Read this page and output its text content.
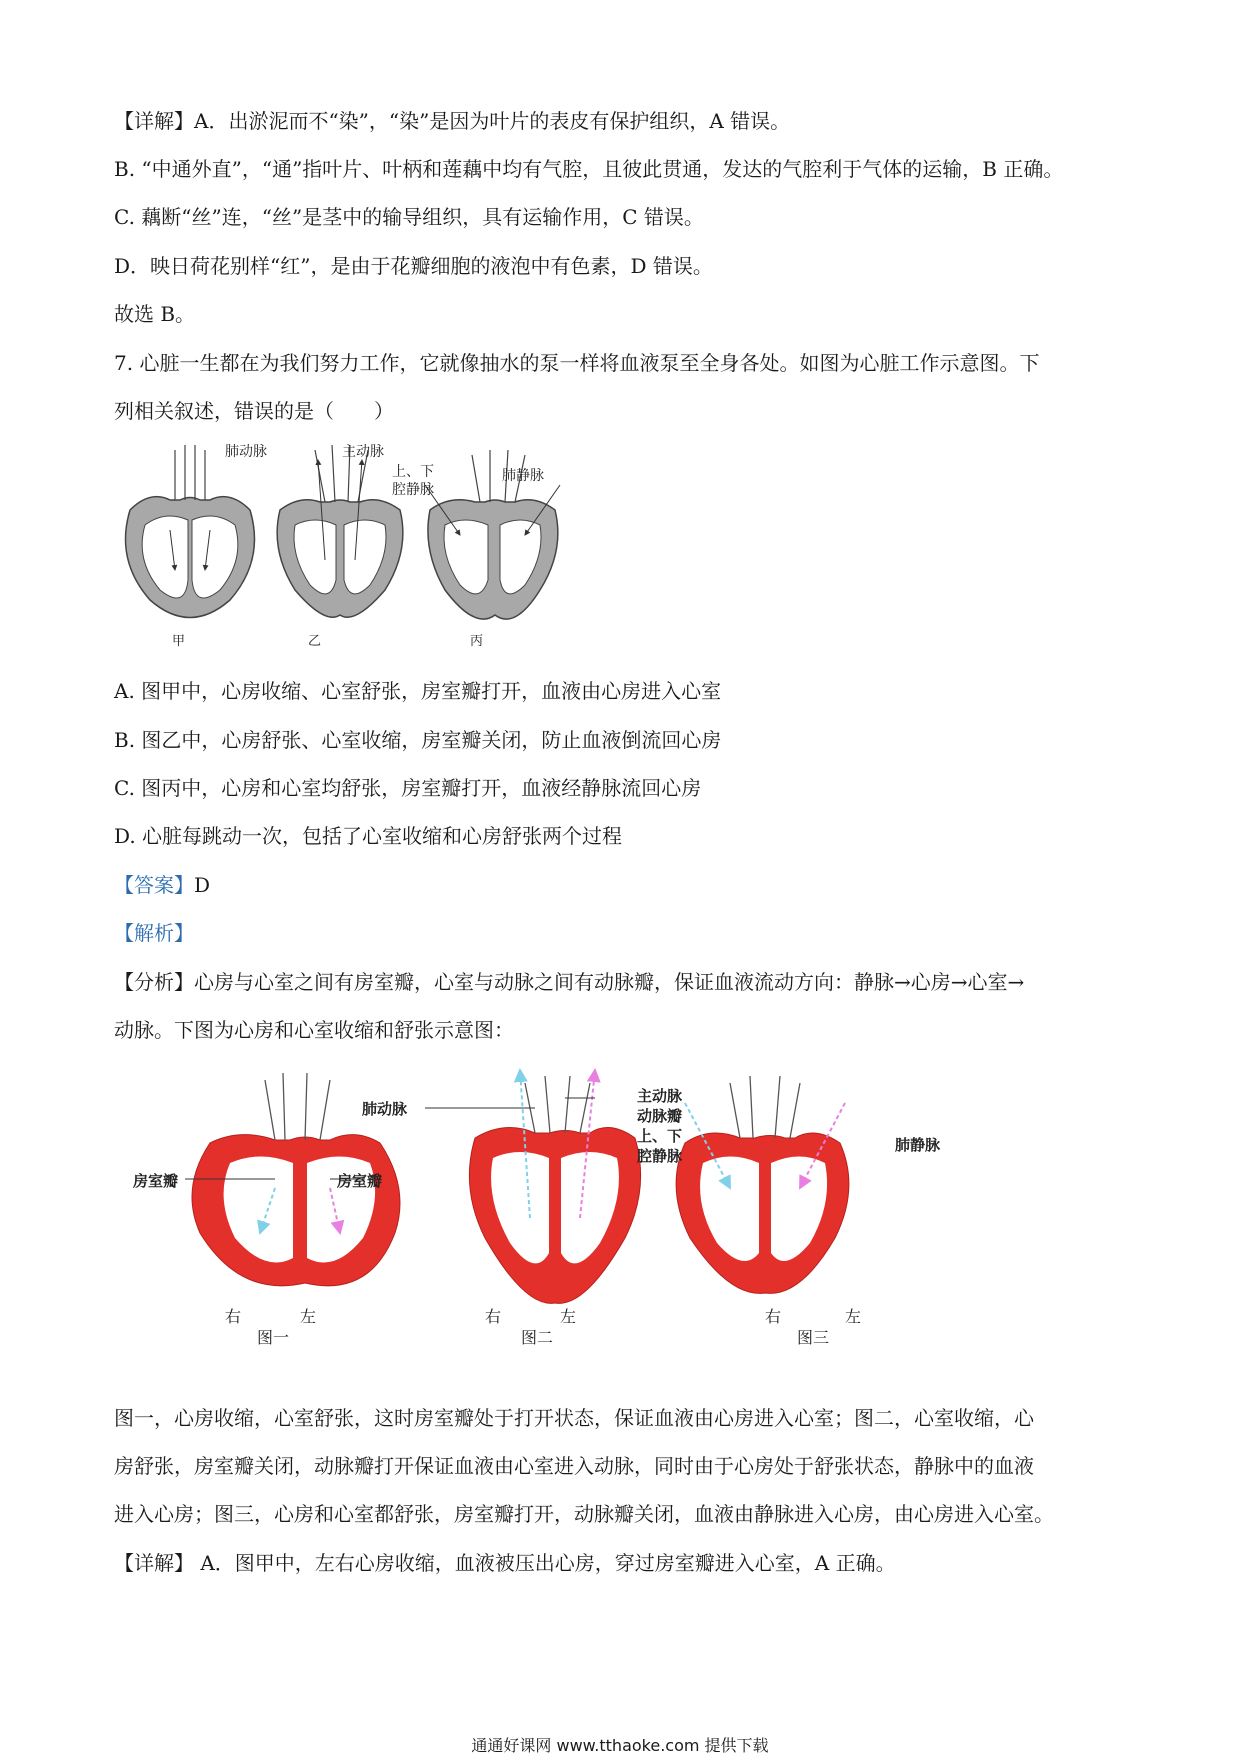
【详解】A．出淤泥而不“染”，“染”是因为叶片的表皮有保护组织，A 错误。
B. “中通外直”，“通”指叶片、叶柄和莲藕中均有气腔，且彼此贯通，发达的气腔利于气体的运输，B 正确。
C. 藕断“丝”连，“丝”是茎中的输导组织，具有运输作用，C 错误。
D．映日荷花别样“红”，是由于花瓣细胞的液泡中有色素，D 错误。
故选 B。
7. 心脏一生都在为我们努力工作，它就像抽水的泵一样将血液泵至全身各处。如图为心脏工作示意图。下
列相关叙述，错误的是（　　）
肺动脉	主动脉
上、下
腔静脉
肺静脉
甲	乙	丙
A. 图甲中，心房收缩、心室舒张，房室瓣打开，血液由心房进入心室
B. 图乙中，心房舒张、心室收缩，房室瓣关闭，防止血液倒流回心房
C. 图丙中，心房和心室均舒张，房室瓣打开，血液经静脉流回心房
D. 心脏每跳动一次，包括了心室收缩和心房舒张两个过程
【答案】D
【解析】
【分析】心房与心室之间有房室瓣，心室与动脉之间有动脉瓣，保证血液流动方向：静脉→心房→心室→
动脉。下图为心房和心室收缩和舒张示意图：
房室瓣	房室瓣
肺动脉
主动脉
动脉瓣
上、下
腔静脉
肺静脉
右	左
图一
右	左
图二
右	左
图三
图一，心房收缩，心室舒张，这时房室瓣处于打开状态，保证血液由心房进入心室；图二，心室收缩，心
房舒张，房室瓣关闭，动脉瓣打开保证血液由心室进入动脉，同时由于心房处于舒张状态，静脉中的血液
进入心房；图三，心房和心室都舒张，房室瓣打开，动脉瓣关闭，血液由静脉进入心房，由心房进入心室。
【详解】 A．图甲中，左右心房收缩，血液被压出心房，穿过房室瓣进入心室，A 正确。
通通好课网 www.tthaoke.com 提供下载
